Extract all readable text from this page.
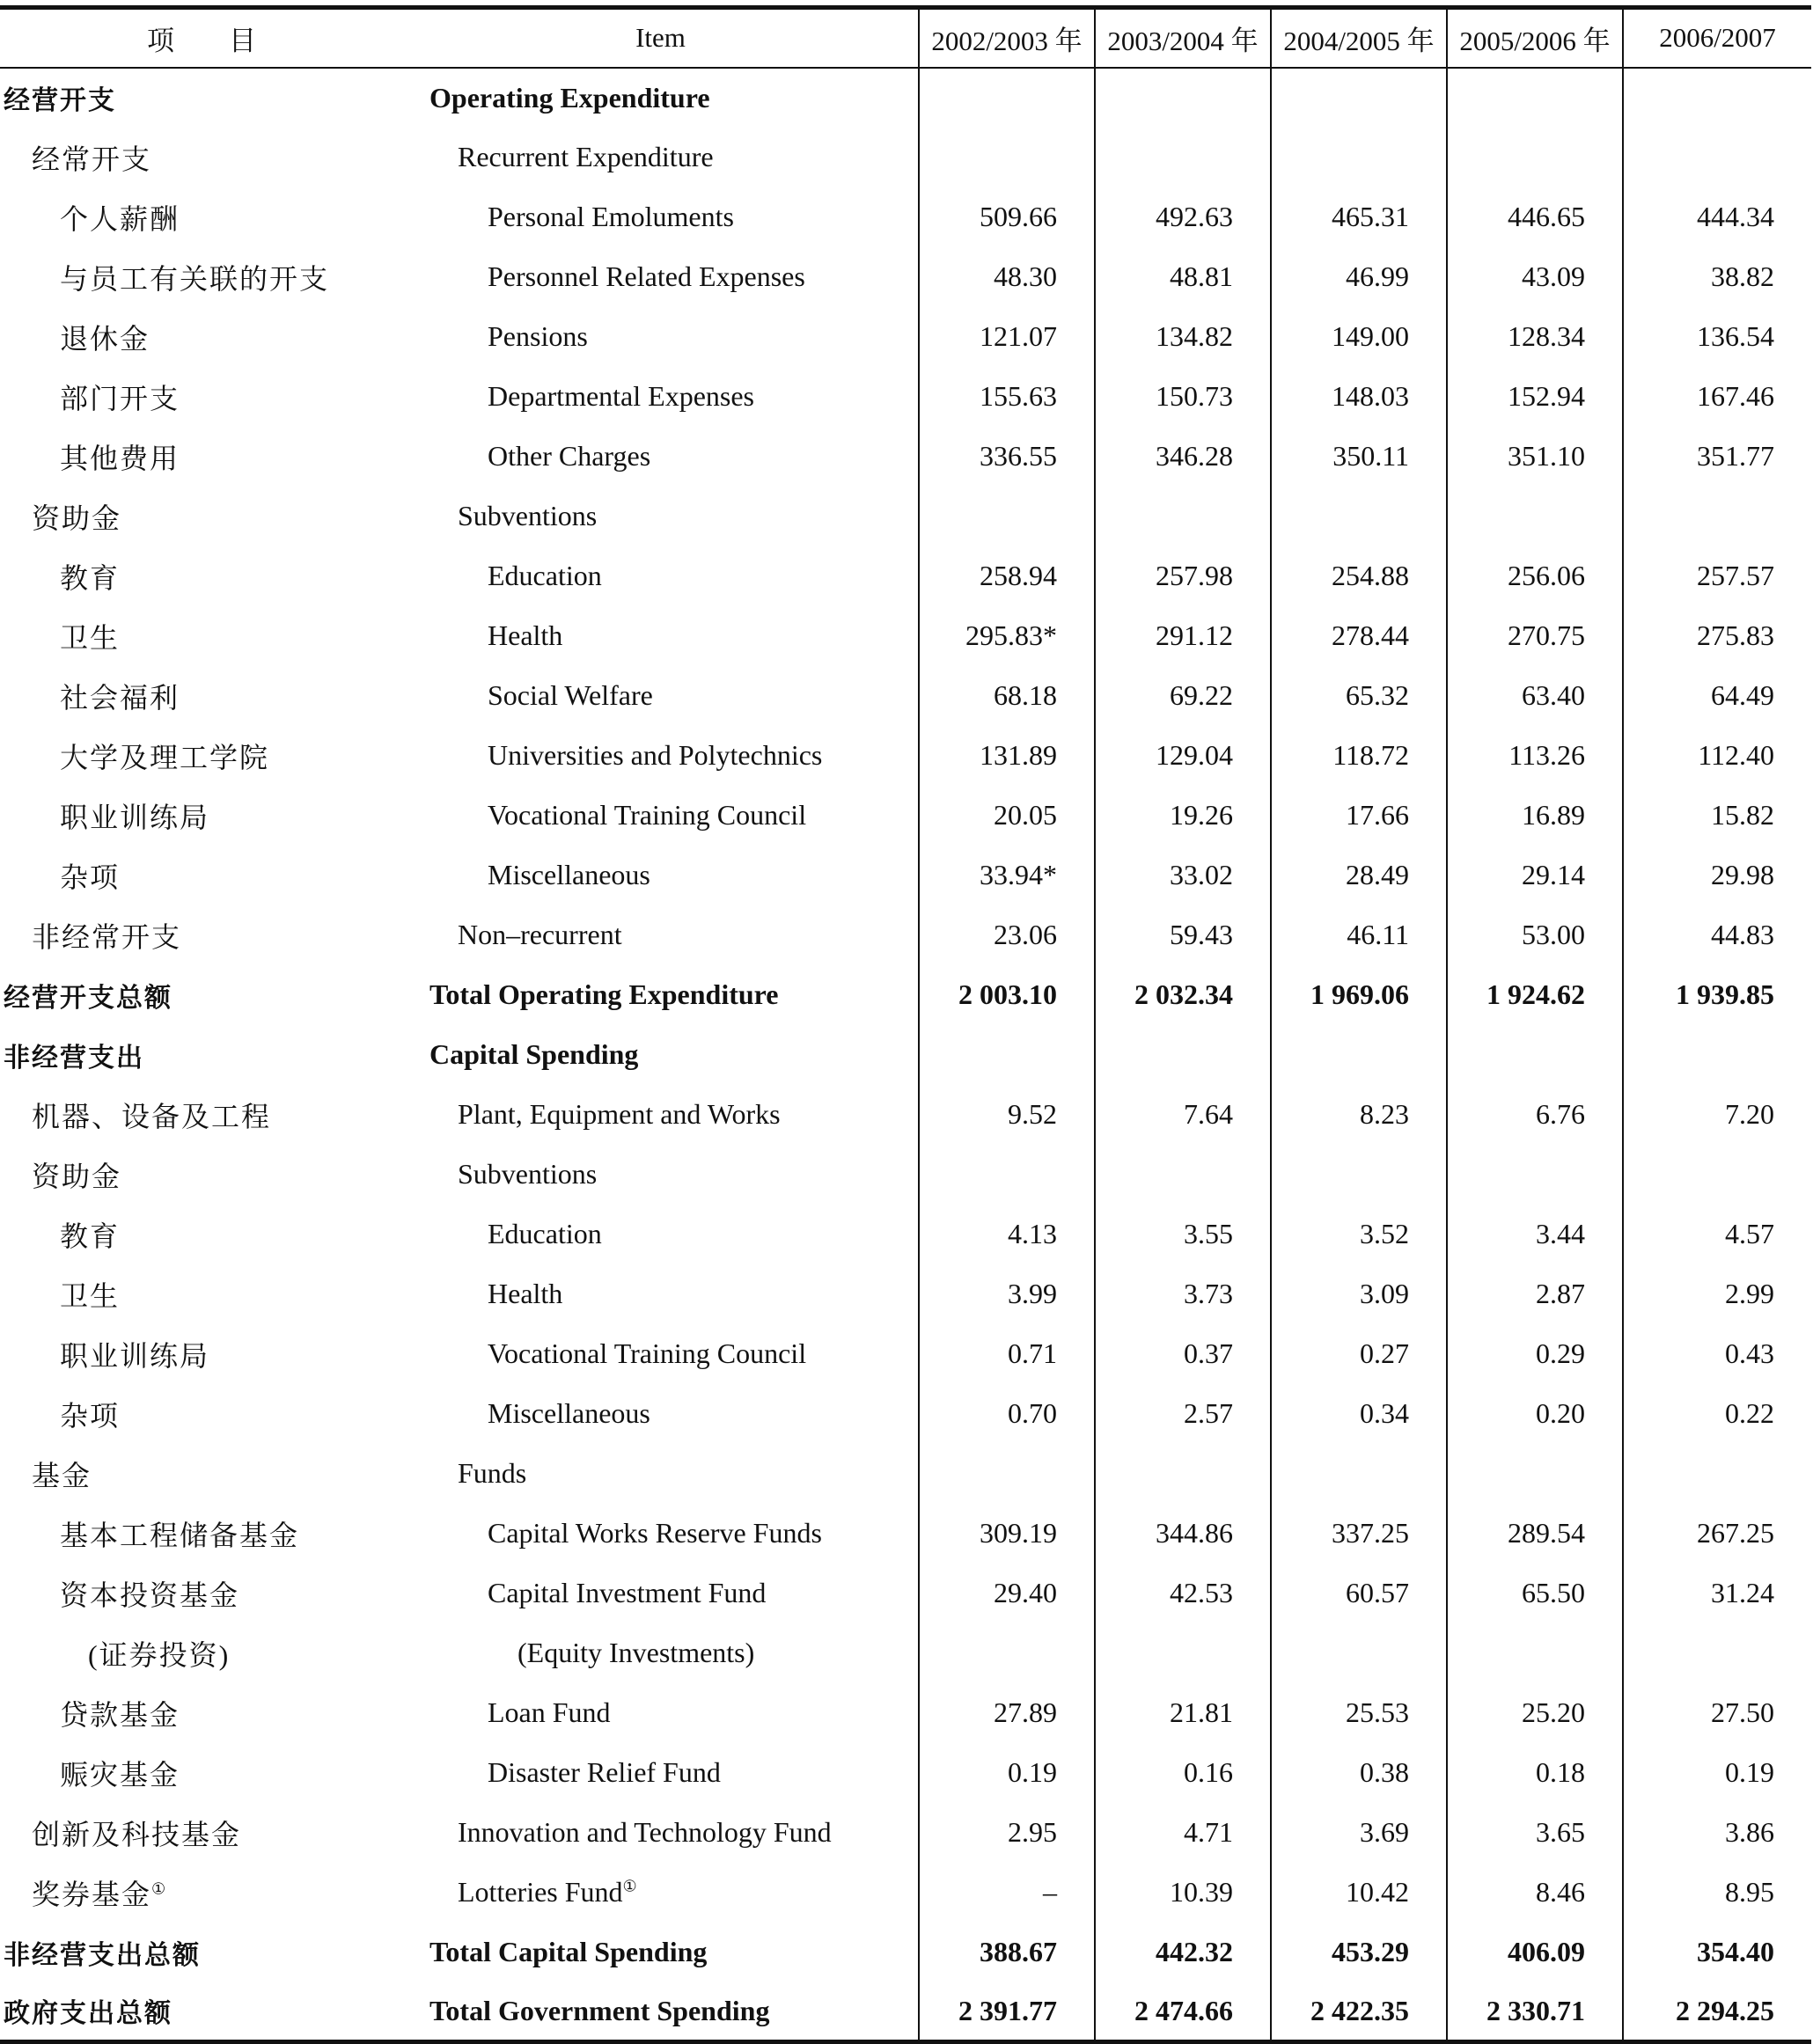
项　　目	Item	2002/2003 年	2003/2004 年	2004/2005 年	2005/2006 年	2006/2007
经营开支	Operating Expenditure					
经常开支	Recurrent Expenditure					
个人薪酬	Personal Emoluments	509.66	492.63	465.31	446.65	444.34
与员工有关联的开支	Personnel Related Expenses	48.30	48.81	46.99	43.09	38.82
退休金	Pensions	121.07	134.82	149.00	128.34	136.54
部门开支	Departmental Expenses	155.63	150.73	148.03	152.94	167.46
其他费用	Other Charges	336.55	346.28	350.11	351.10	351.77
资助金	Subventions					
教育	Education	258.94	257.98	254.88	256.06	257.57
卫生	Health	295.83*	291.12	278.44	270.75	275.83
社会福利	Social Welfare	68.18	69.22	65.32	63.40	64.49
大学及理工学院	Universities and Polytechnics	131.89	129.04	118.72	113.26	112.40
职业训练局	Vocational Training Council	20.05	19.26	17.66	16.89	15.82
杂项	Miscellaneous	33.94*	33.02	28.49	29.14	29.98
非经常开支	Non–recurrent	23.06	59.43	46.11	53.00	44.83
经营开支总额	Total Operating Expenditure	2 003.10	2 032.34	1 969.06	1 924.62	1 939.85
非经营支出	Capital Spending					
机器、设备及工程	Plant, Equipment and Works	9.52	7.64	8.23	6.76	7.20
资助金	Subventions					
教育	Education	4.13	3.55	3.52	3.44	4.57
卫生	Health	3.99	3.73	3.09	2.87	2.99
职业训练局	Vocational Training Council	0.71	0.37	0.27	0.29	0.43
杂项	Miscellaneous	0.70	2.57	0.34	0.20	0.22
基金	Funds					
基本工程储备基金	Capital Works Reserve Funds	309.19	344.86	337.25	289.54	267.25
资本投资基金	Capital Investment Fund	29.40	42.53	60.57	65.50	31.24
(证券投资)	(Equity Investments)					
贷款基金	Loan Fund	27.89	21.81	25.53	25.20	27.50
赈灾基金	Disaster Relief Fund	0.19	0.16	0.38	0.18	0.19
创新及科技基金	Innovation and Technology Fund	2.95	4.71	3.69	3.65	3.86
奖券基金①	Lotteries Fund①	–	10.39	10.42	8.46	8.95
非经营支出总额	Total Capital Spending	388.67	442.32	453.29	406.09	354.40
政府支出总额	Total Government Spending	2 391.77	2 474.66	2 422.35	2 330.71	2 294.25
